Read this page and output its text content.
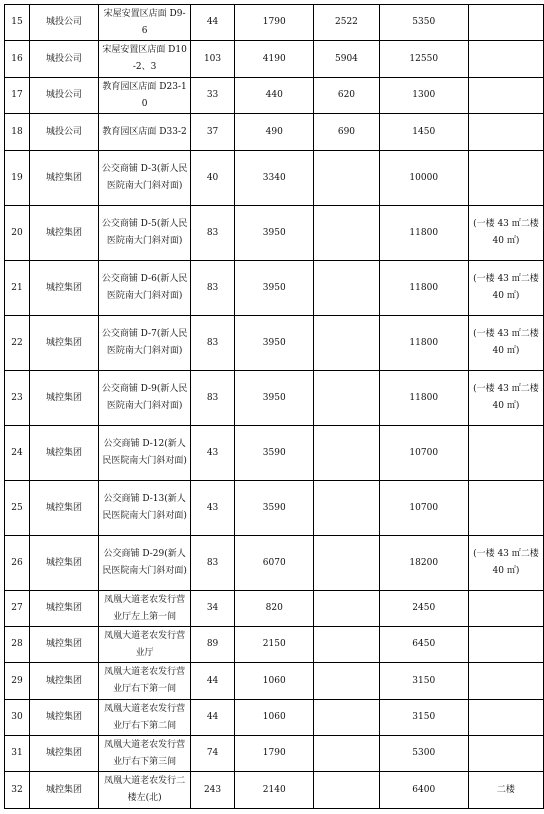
15	城投公司	宋屋安置区店面 D9-6	44	1790	2522	5350	
16	城投公司	宋屋安置区店面 D10-2、3	103	4190	5904	12550	
17	城投公司	教育园区店面 D23-10	33	440	620	1300	
18	城投公司	教育园区店面 D33-2	37	490	690	1450	
19	城控集团	公交商铺 D-3(新人民医院南大门斜对面)	40	3340		10000	
20	城控集团	公交商铺 D-5(新人民医院南大门斜对面)	83	3950		11800	(一楼 43 ㎡二楼 40 ㎡)
21	城控集团	公交商铺 D-6(新人民医院南大门斜对面)	83	3950		11800	(一楼 43 ㎡二楼 40 ㎡)
22	城控集团	公交商铺 D-7(新人民医院南大门斜对面)	83	3950		11800	(一楼 43 ㎡二楼 40 ㎡)
23	城控集团	公交商铺 D-9(新人民医院南大门斜对面)	83	3950		11800	(一楼 43 ㎡二楼 40 ㎡)
24	城控集团	公交商铺 D-12(新人民医院南大门斜对面)	43	3590		10700	
25	城控集团	公交商铺 D-13(新人民医院南大门斜对面)	43	3590		10700	
26	城控集团	公交商铺 D-29(新人民医院南大门斜对面)	83	6070		18200	(一楼 43 ㎡二楼 40 ㎡)
27	城控集团	凤凰大道老农发行营业厅左上第一间	34	820		2450	
28	城控集团	凤凰大道老农发行营业厅	89	2150		6450	
29	城控集团	凤凰大道老农发行营业厅右下第一间	44	1060		3150	
30	城控集团	凤凰大道老农发行营业厅右下第二间	44	1060		3150	
31	城控集团	凤凰大道老农发行营业厅右下第三间	74	1790		5300	
32	城控集团	凤凰大道老农发行二楼左(北)	243	2140		6400	二楼
